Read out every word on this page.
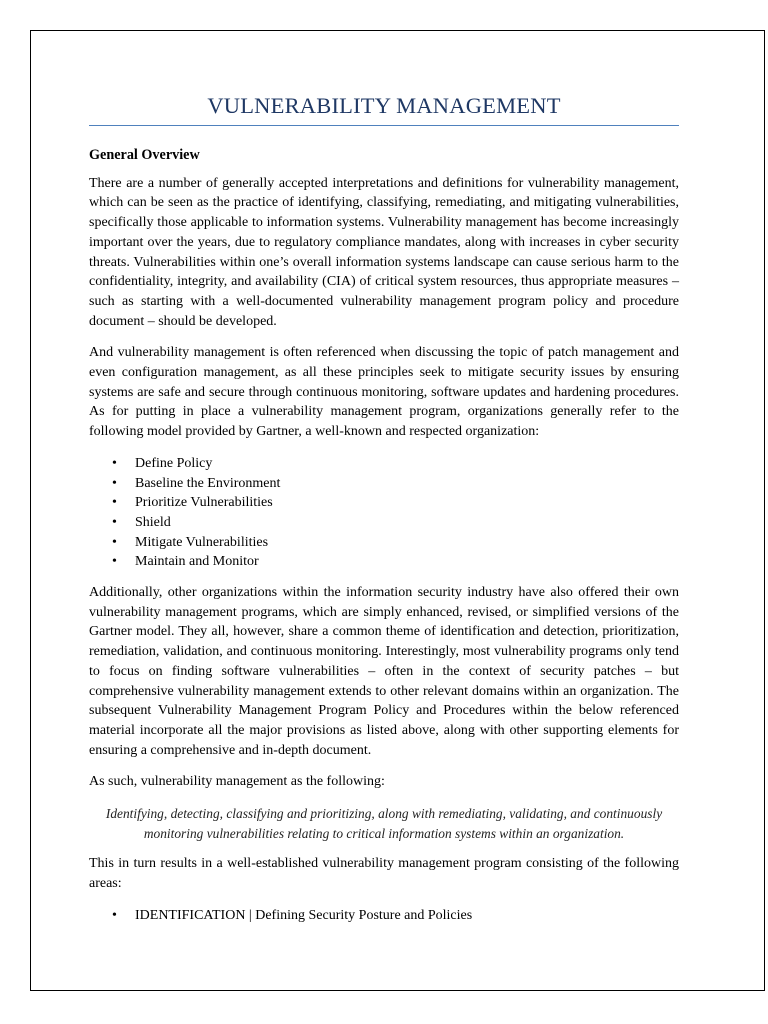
VULNERABILITY MANAGEMENT
General Overview

There are a number of generally accepted interpretations and definitions for vulnerability management, which can be seen as the practice of identifying, classifying, remediating, and mitigating vulnerabilities, specifically those applicable to information systems. Vulnerability management has become increasingly important over the years, due to regulatory compliance mandates, along with increases in cyber security threats. Vulnerabilities within one’s overall information systems landscape can cause serious harm to the confidentiality, integrity, and availability (CIA) of critical system resources, thus appropriate measures – such as starting with a well-documented vulnerability management program policy and procedure document – should be developed.

And vulnerability management is often referenced when discussing the topic of patch management and even configuration management, as all these principles seek to mitigate security issues by ensuring systems are safe and secure through continuous monitoring, software updates and hardening procedures. As for putting in place a vulnerability management program, organizations generally refer to the following model provided by Gartner, a well-known and respected organization:

• Define Policy
• Baseline the Environment
• Prioritize Vulnerabilities
• Shield
• Mitigate Vulnerabilities
• Maintain and Monitor

Additionally, other organizations within the information security industry have also offered their own vulnerability management programs, which are simply enhanced, revised, or simplified versions of the Gartner model. They all, however, share a common theme of identification and detection, prioritization, remediation, validation, and continuous monitoring. Interestingly, most vulnerability programs only tend to focus on finding software vulnerabilities – often in the context of security patches – but comprehensive vulnerability management extends to other relevant domains within an organization. The subsequent Vulnerability Management Program Policy and Procedures within the below referenced material incorporate all the major provisions as listed above, along with other supporting elements for ensuring a comprehensive and in-depth document.

As such, vulnerability management as the following:

Identifying, detecting, classifying and prioritizing, along with remediating, validating, and continuously monitoring vulnerabilities relating to critical information systems within an organization.

This in turn results in a well-established vulnerability management program consisting of the following areas:

• IDENTIFICATION | Defining Security Posture and Policies
